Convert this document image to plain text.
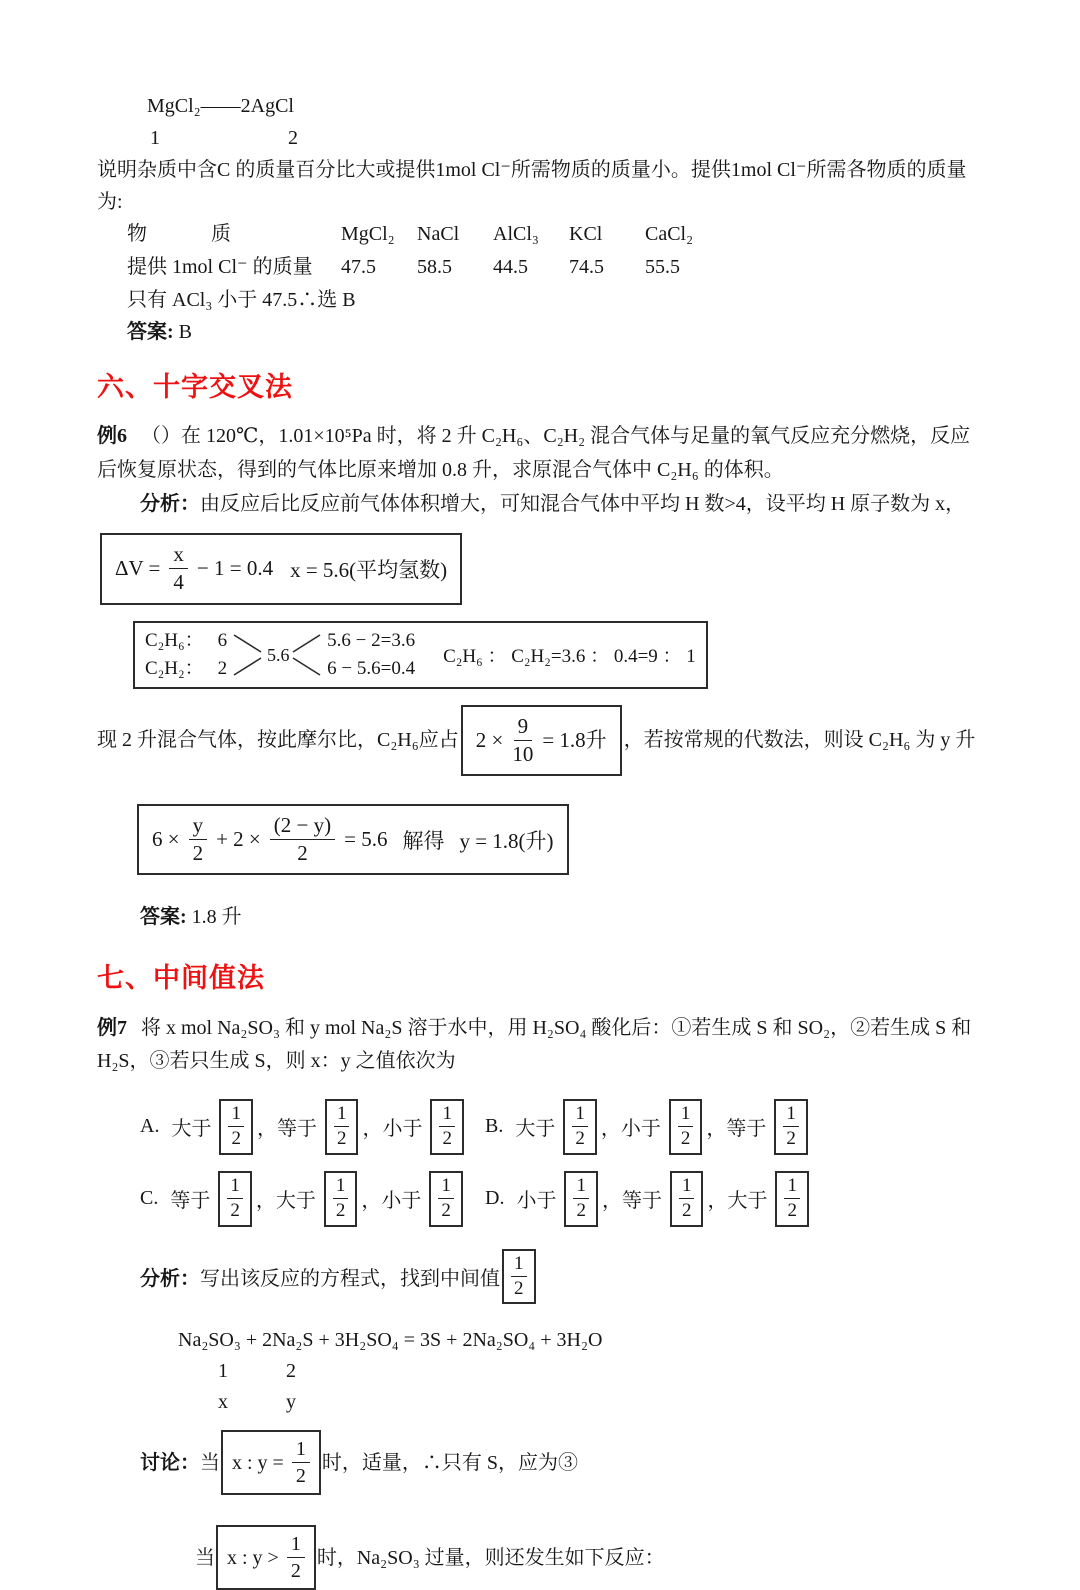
MgCl₂——2AgCl

1	2

说明杂质中含C 的质量百分比大或提供1mol Cl⁻所需物质的质量小。提供1mol Cl⁻所需各物质的质量为:

物	质	MgCl₂	NaCl	AlCl₃	KCl	CaCl₂
提供 1mol Cl⁻ 的质量	47.5	58.5	44.5	74.5	55.5

只有 ACl₃ 小于 47.5∴选 B

答案: B

六、十字交叉法

例6 （）在 120℃，1.01×10⁵Pa 时，将 2 升 C₂H₆、C₂H₂ 混合气体与足量的氧气反应充分燃烧，反应后恢复原状态，得到的气体比原来增加 0.8 升，求原混合气体中 C₂H₆ 的体积。

分析：由反应后比反应前气体体积增大，可知混合气体中平均 H 数>4，设平均 H 原子数为 x，

$\Delta V = \frac{x}{4} - 1 = 0.4$ x = 5.6(平均氢数)

C₂H₆： 6
C₂H₂： 2
5.6
5.6 − 2=3.6
6 − 5.6=0.4
C₂H₆ ： C₂H₂=3.6 ： 0.4=9 ： 1
现 2 升混合气体，按此摩尔比，C₂H₆应占 $2 \times \frac{9}{10} = 1.8$升 ，若按常规的代数法，则设 C₂H₆ 为 y 升
$6 \times \frac{y}{2} + 2 \times \frac{(2 - y)}{2} = 5.6$ 解得 y = 1.8(升)

答案: 1.8 升

七、中间值法

例7 将 x mol Na₂SO₃ 和 y mol Na₂S 溶于水中，用 H₂SO₄ 酸化后：①若生成 S 和 SO₂，②若生成 S 和 H₂S，③若只生成 S，则 x：y 之值依次为

A. 大于 $\frac{1}{2}$ ， 等于 $\frac{1}{2}$ ， 小于 $\frac{1}{2} B$. 大于 $\frac{1}{2}$ ， 小于 $\frac{1}{2}$ ， 等于 $\frac{1}{2}$
C. 等于 $\frac{1}{2}$ ， 大于 $\frac{1}{2}$ ， 小于 $\frac{1}{2} D$. 小于 $\frac{1}{2}$ ， 等于 $\frac{1}{2}$ ， 大于 $\frac{1}{2}$
分析： 写出该反应的方程式，找到中间值 $\frac{1}{2}$

Na₂SO₃ + 2Na₂S + 3H₂SO₄ = 3S + 2Na₂SO₄ + 3H₂O

1	2

x	y

讨论： 当 x : $y = \frac{1}{2}$ 时，适量，∴只有 S，应为③
当 x : $y > \frac{1}{2}$ 时，Na₂SO₃ 过量，则还发生如下反应：
